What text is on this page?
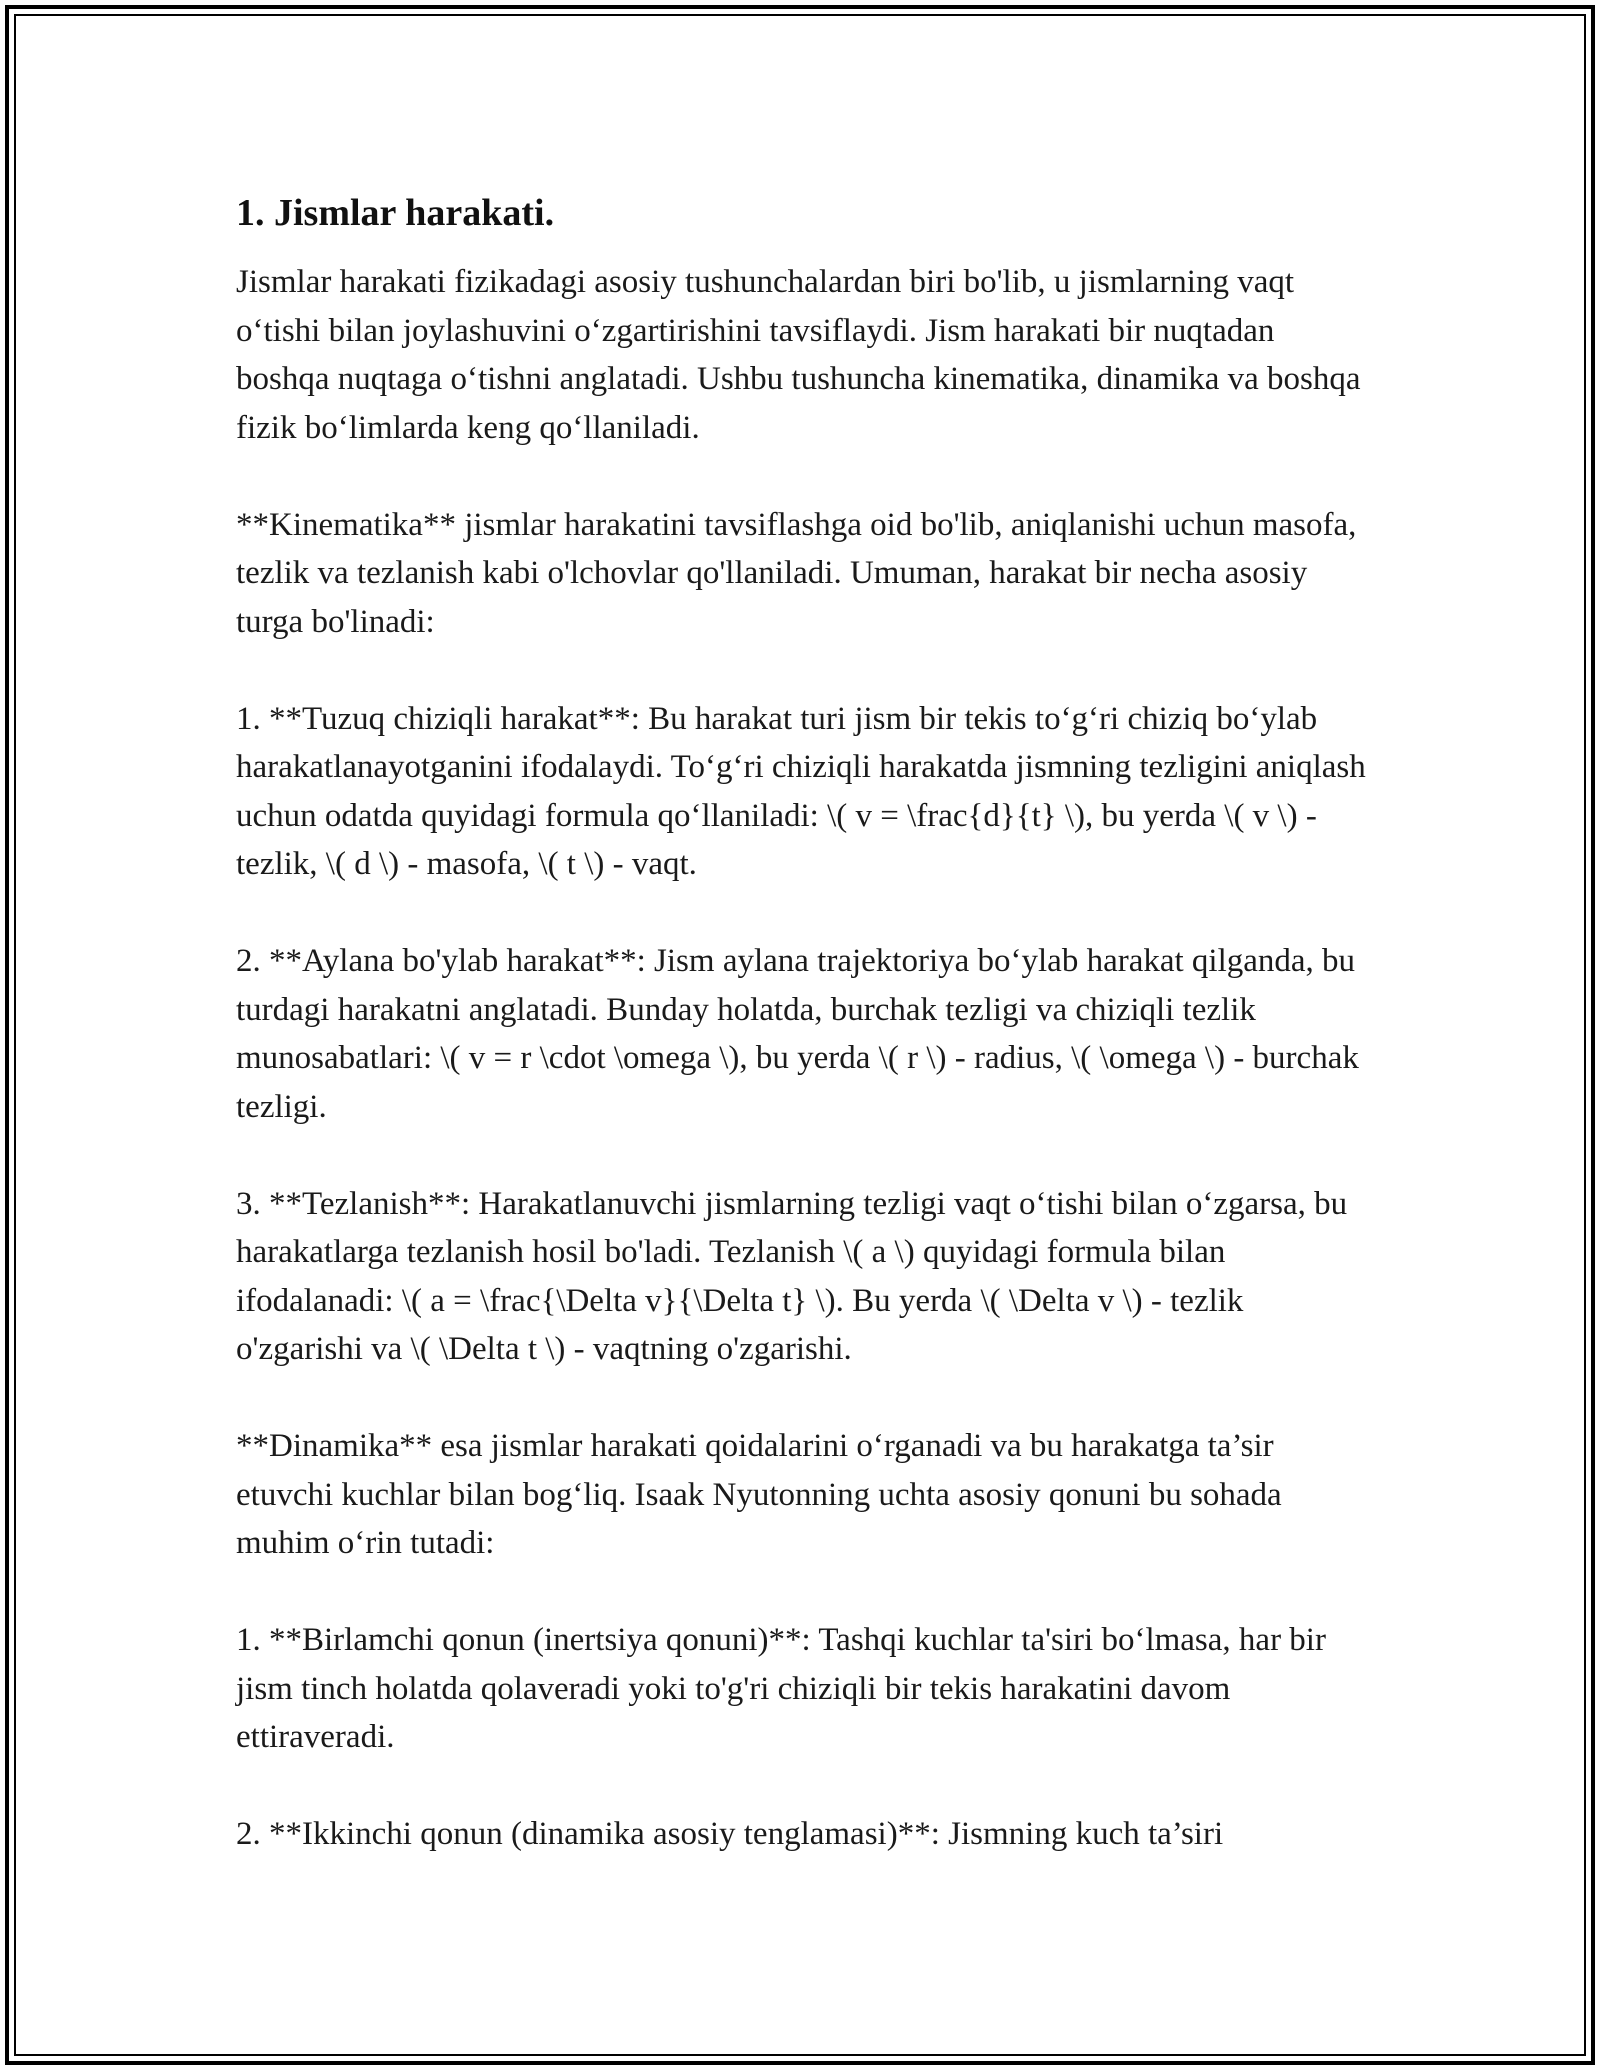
1. Jismlar harakati.

Jismlar harakati fizikadagi asosiy tushunchalardan biri bo'lib, u jismlarning vaqt o‘tishi bilan joylashuvini o‘zgartirishini tavsiflaydi. Jism harakati bir nuqtadan boshqa nuqtaga o‘tishni anglatadi. Ushbu tushuncha kinematika, dinamika va boshqa fizik bo‘limlarda keng qo‘llaniladi.

**Kinematika** jismlar harakatini tavsiflashga oid bo'lib, aniqlanishi uchun masofa, tezlik va tezlanish kabi o'lchovlar qo'llaniladi. Umuman, harakat bir necha asosiy turga bo'linadi:

1. **Tuzuq chiziqli harakat**: Bu harakat turi jism bir tekis to‘g‘ri chiziq bo‘ylab harakatlanayotganini ifodalaydi. To‘g‘ri chiziqli harakatda jismning tezligini aniqlash uchun odatda quyidagi formula qo‘llaniladi: \( v = \frac{d}{t} \), bu yerda \( v \) - tezlik, \( d \) - masofa, \( t \) - vaqt.

2. **Aylana bo'ylab harakat**: Jism aylana trajektoriya bo‘ylab harakat qilganda, bu turdagi harakatni anglatadi. Bunday holatda, burchak tezligi va chiziqli tezlik munosabatlari: \( v = r \cdot \omega \), bu yerda \( r \) - radius, \( \omega \) - burchak tezligi.

3. **Tezlanish**: Harakatlanuvchi jismlarning tezligi vaqt o‘tishi bilan o‘zgarsa, bu harakatlarga tezlanish hosil bo'ladi. Tezlanish \( a \) quyidagi formula bilan ifodalanadi: \( a = \frac{\Delta v}{\Delta t} \). Bu yerda \( \Delta v \) - tezlik o'zgarishi va \( \Delta t \) - vaqtning o'zgarishi.

**Dinamika** esa jismlar harakati qoidalarini o‘rganadi va bu harakatga ta’sir etuvchi kuchlar bilan bog‘liq. Isaak Nyutonning uchta asosiy qonuni bu sohada muhim o‘rin tutadi:

1. **Birlamchi qonun (inertsiya qonuni)**: Tashqi kuchlar ta'siri bo‘lmasa, har bir jism tinch holatda qolaveradi yoki to'g'ri chiziqli bir tekis harakatini davom ettiraveradi.

2. **Ikkinchi qonun (dinamika asosiy tenglamasi)**: Jismning kuch ta’siri
